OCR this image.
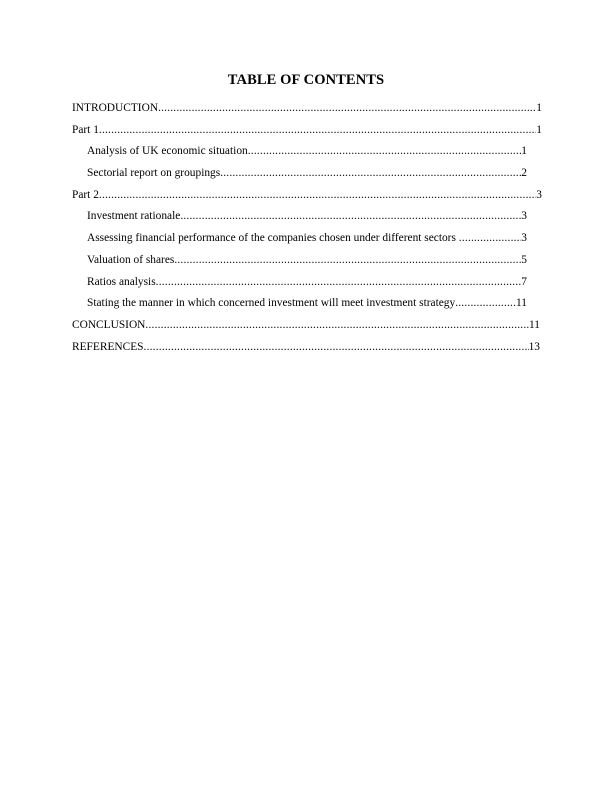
TABLE OF CONTENTS
INTRODUCTION .....	1
Part 1 .....	1
Analysis of UK economic situation .....	1
Sectorial report on groupings .....	2
Part 2 .....	3
Investment rationale .....	3
Assessing financial performance of the companies chosen under different sectors .....	3
Valuation of shares .....	5
Ratios analysis .....	7
Stating the manner in which concerned investment will meet investment strategy .....	11
CONCLUSION .....	11
REFERENCES .....	13
